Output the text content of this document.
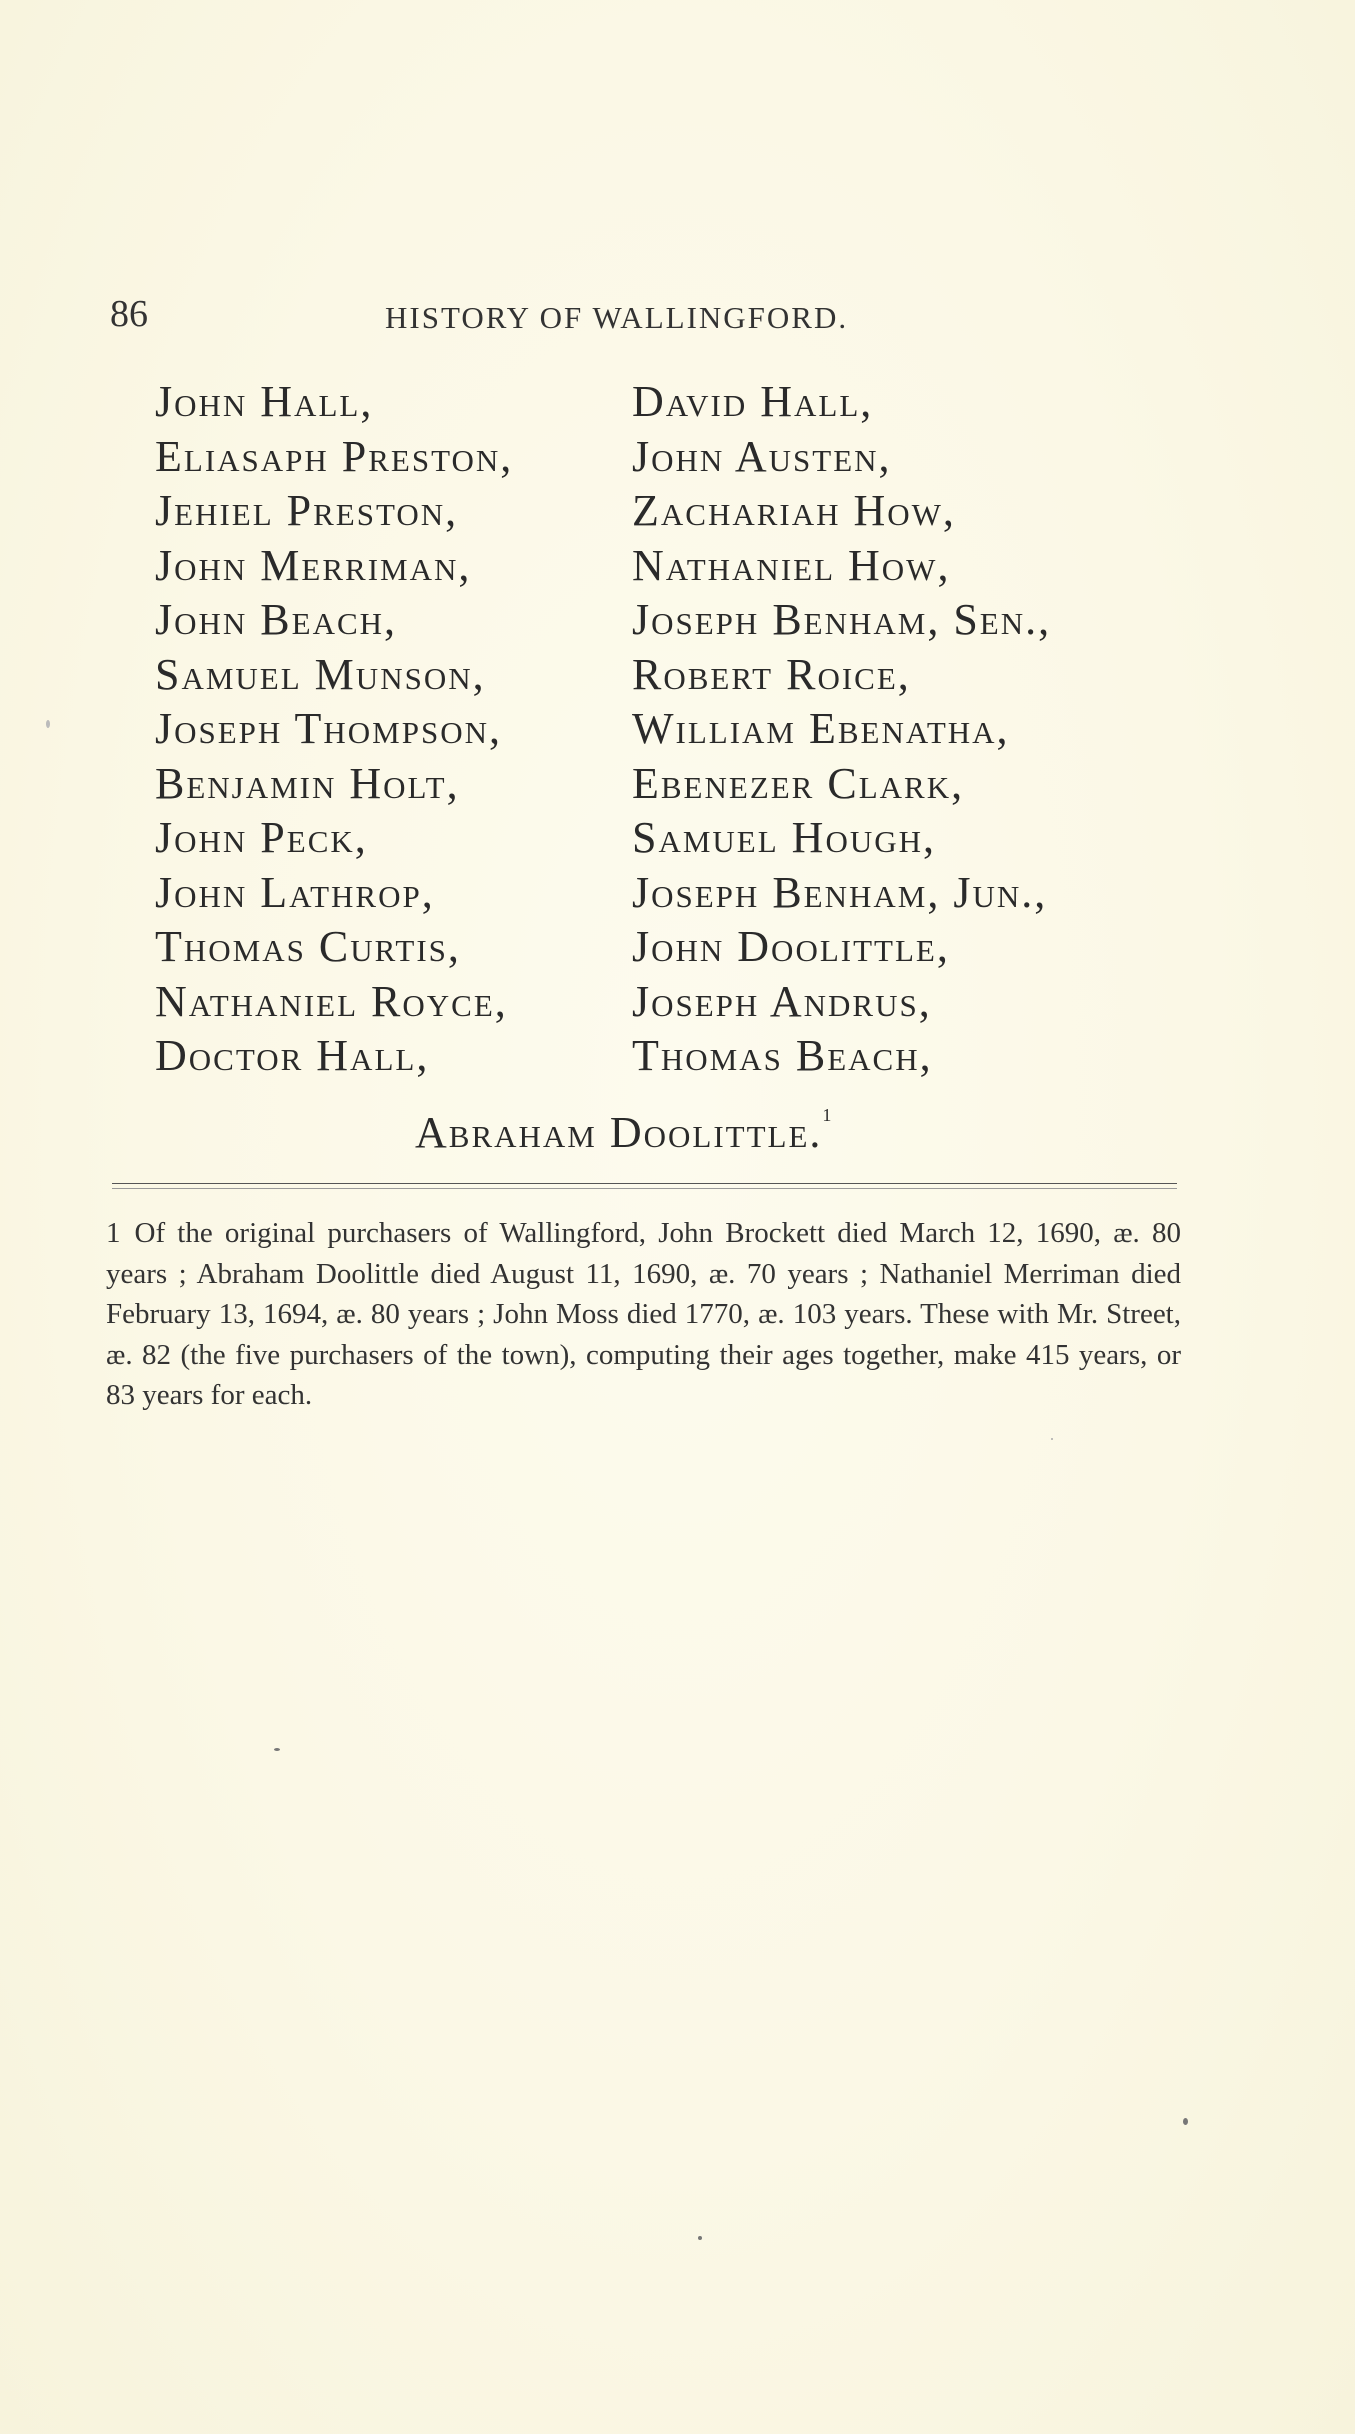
86	HISTORY OF WALLINGFORD.
John Hall,
Eliasaph Preston,
Jehiel Preston,
John Merriman,
John Beach,
Samuel Munson,
Joseph Thompson,
Benjamin Holt,
John Peck,
John Lathrop,
Thomas Curtis,
Nathaniel Royce,
Doctor Hall,
David Hall,
John Austen,
Zachariah How,
Nathaniel How,
Joseph Benham, Sen.,
Robert Roice,
William Ebenatha,
Ebenezer Clark,
Samuel Hough,
Joseph Benham, Jun.,
John Doolittle,
Joseph Andrus,
Thomas Beach,
Abraham Doolittle.$^1$
1 Of the original purchasers of Wallingford, John Brockett died March 12, 1690, æ. 80 years ; Abraham Doolittle died August 11, 1690, æ. 70 years ; Nathaniel Merriman died February 13, 1694, æ. 80 years ; John Moss died 1770, æ. 103 years. These with Mr. Street, æ. 82 (the five purchasers of the town), computing their ages together, make 415 years, or 83 years for each.
